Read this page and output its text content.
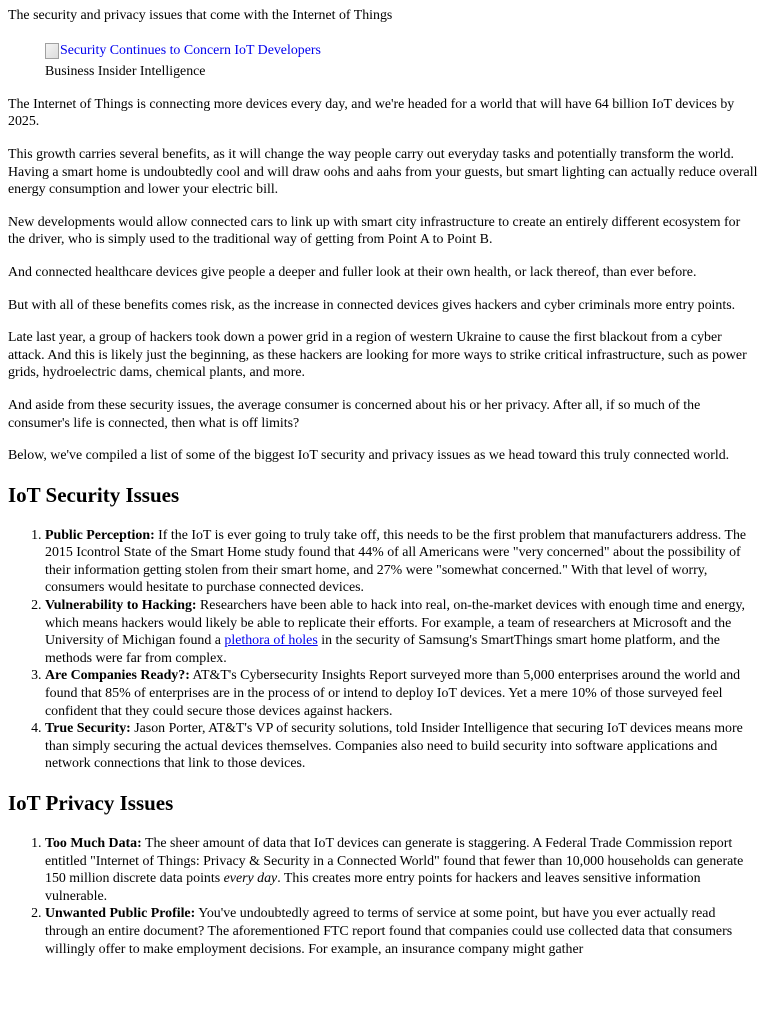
The security and privacy issues that come with the Internet of Things
Security Continues to Concern IoT Developers
Business Insider Intelligence

The Internet of Things is connecting more devices every day, and we're headed for a world that will have 64 billion IoT devices by 2025.

This growth carries several benefits, as it will change the way people carry out everyday tasks and potentially transform the world. Having a smart home is undoubtedly cool and will draw oohs and aahs from your guests, but smart lighting can actually reduce overall energy consumption and lower your electric bill.

New developments would allow connected cars to link up with smart city infrastructure to create an entirely different ecosystem for the driver, who is simply used to the traditional way of getting from Point A to Point B.

And connected healthcare devices give people a deeper and fuller look at their own health, or lack thereof, than ever before.

But with all of these benefits comes risk, as the increase in connected devices gives hackers and cyber criminals more entry points.

Late last year, a group of hackers took down a power grid in a region of western Ukraine to cause the first blackout from a cyber attack. And this is likely just the beginning, as these hackers are looking for more ways to strike critical infrastructure, such as power grids, hydroelectric dams, chemical plants, and more.

And aside from these security issues, the average consumer is concerned about his or her privacy. After all, if so much of the consumer's life is connected, then what is off limits?

Below, we've compiled a list of some of the biggest IoT security and privacy issues as we head toward this truly connected world.

IoT Security Issues
1. Public Perception: If the IoT is ever going to truly take off, this needs to be the first problem that manufacturers address. The 2015 Icontrol State of the Smart Home study found that 44% of all Americans were "very concerned" about the possibility of their information getting stolen from their smart home, and 27% were "somewhat concerned." With that level of worry, consumers would hesitate to purchase connected devices.
2. Vulnerability to Hacking: Researchers have been able to hack into real, on-the-market devices with enough time and energy, which means hackers would likely be able to replicate their efforts. For example, a team of researchers at Microsoft and the University of Michigan found a plethora of holes in the security of Samsung's SmartThings smart home platform, and the methods were far from complex.
3. Are Companies Ready?: AT&T's Cybersecurity Insights Report surveyed more than 5,000 enterprises around the world and found that 85% of enterprises are in the process of or intend to deploy IoT devices. Yet a mere 10% of those surveyed feel confident that they could secure those devices against hackers.
4. True Security: Jason Porter, AT&T's VP of security solutions, told Insider Intelligence that securing IoT devices means more than simply securing the actual devices themselves. Companies also need to build security into software applications and network connections that link to those devices.
IoT Privacy Issues
1. Too Much Data: The sheer amount of data that IoT devices can generate is staggering. A Federal Trade Commission report entitled "Internet of Things: Privacy & Security in a Connected World" found that fewer than 10,000 households can generate 150 million discrete data points every day. This creates more entry points for hackers and leaves sensitive information vulnerable.
2. Unwanted Public Profile: You've undoubtedly agreed to terms of service at some point, but have you ever actually read through an entire document? The aforementioned FTC report found that companies could use collected data that consumers willingly offer to make employment decisions. For example, an insurance company might gather
